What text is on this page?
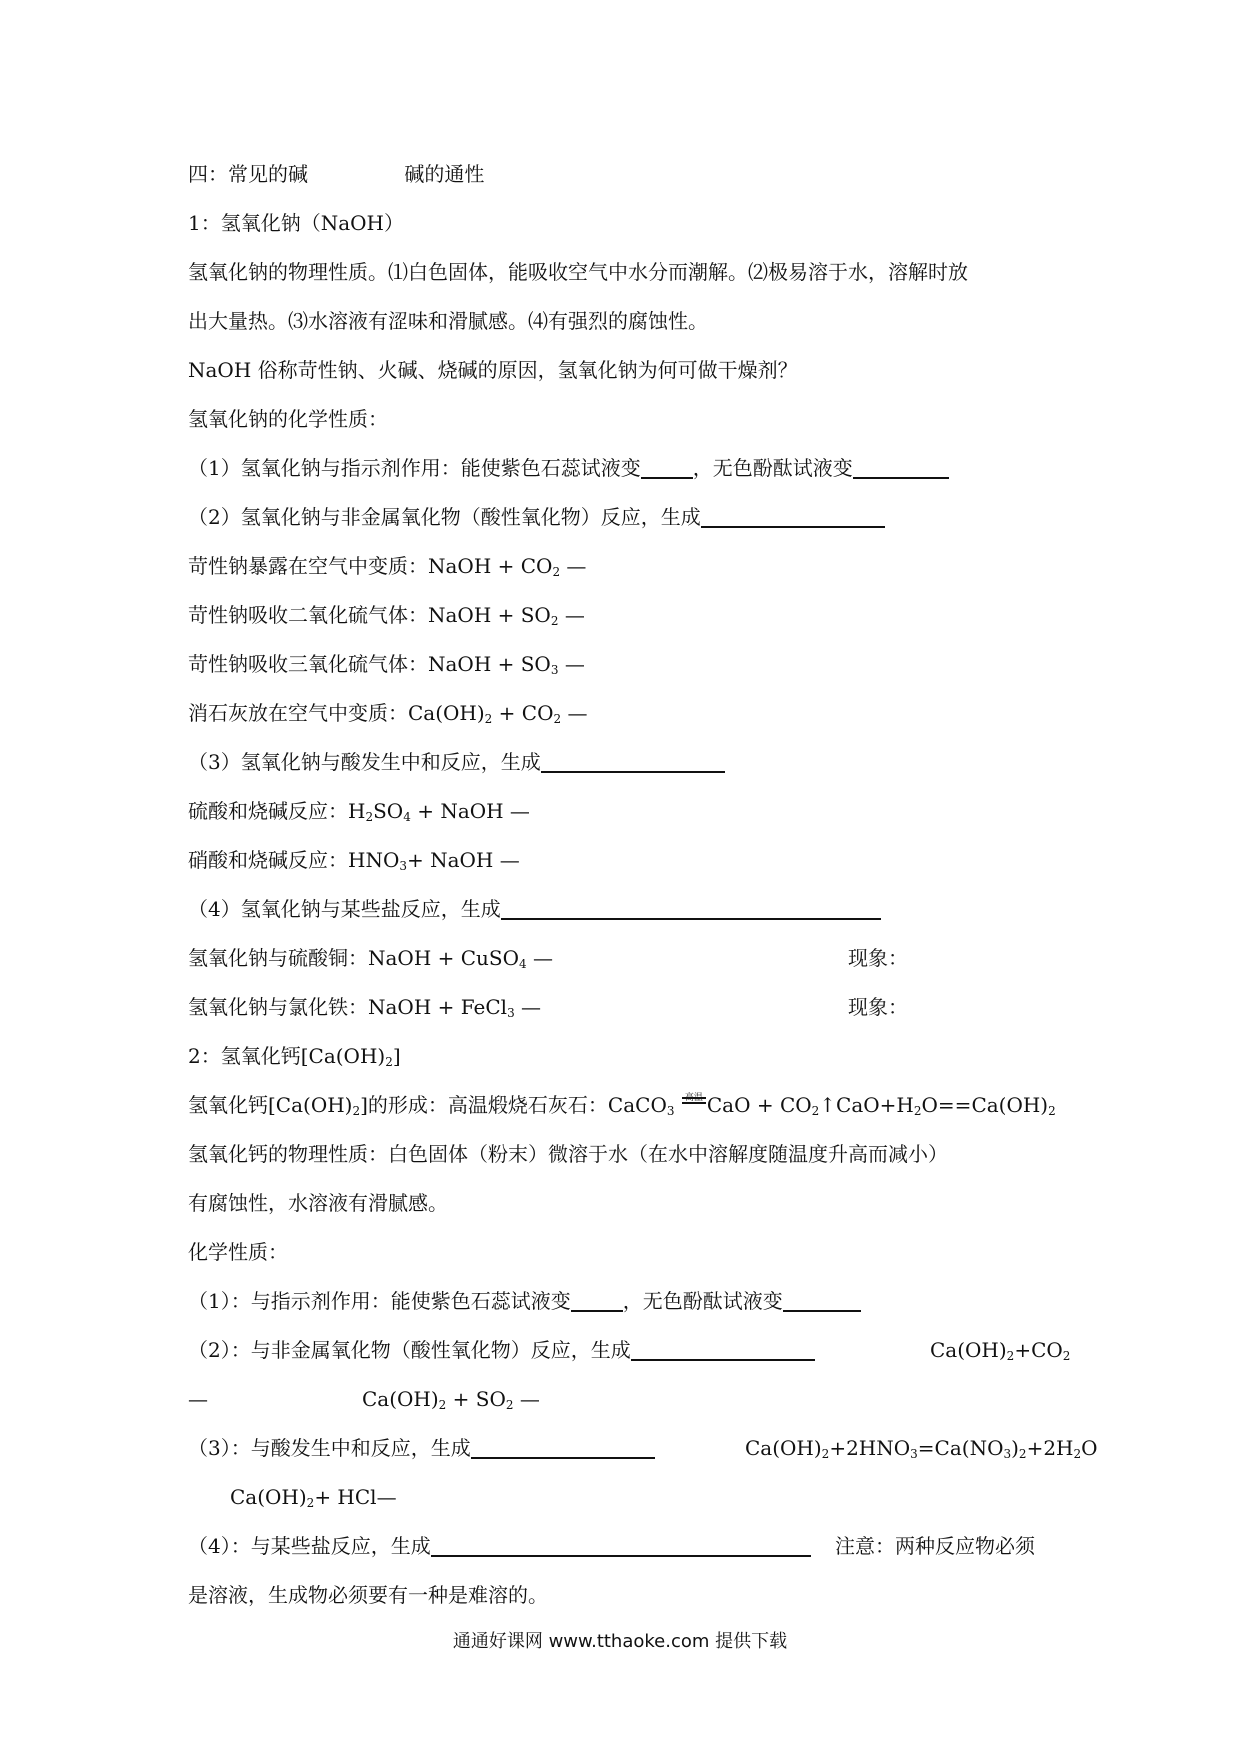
四：常见的碱	碱的通性
1：氢氧化钠（NaOH）
氢氧化钠的物理性质。⑴白色固体，能吸收空气中水分而潮解。⑵极易溶于水，溶解时放
出大量热。⑶水溶液有涩味和滑腻感。⑷有强烈的腐蚀性。
NaOH 俗称苛性钠、火碱、烧碱的原因，氢氧化钠为何可做干燥剂？
氢氧化钠的化学性质：
（1）氢氧化钠与指示剂作用：能使紫色石蕊试液变	，无色酚酞试液变
（2）氢氧化钠与非金属氧化物（酸性氧化物）反应，生成
苛性钠暴露在空气中变质：NaOH + $CO_2$ —
苛性钠吸收二氧化硫气体：NaOH + $SO_2$ —
苛性钠吸收三氧化硫气体：NaOH + $SO_3$ —
消石灰放在空气中变质：$Ca(OH)_2 + CO_2$ —
（3）氢氧化钠与酸发生中和反应，生成
硫酸和烧碱反应：$H_2SO_4$ + NaOH —
硝酸和烧碱反应：$HNO_3+$ NaOH —
（4）氢氧化钠与某些盐反应，生成
氢氧化钠与硫酸铜：NaOH + CuSO$_4$ —	现象：
氢氧化钠与氯化铁：NaOH + FeCl$_3$ —	现象：
2：氢氧化钙$[Ca(OH)_2]$
氢氧化钙$[Ca(OH)_2]$的形成：高温煅烧石灰石：CaCO$_3$
高温 CaO + $CO_2↑CaO+H_2O==Ca(OH)_2$
氢氧化钙的物理性质：白色固体（粉末）微溶于水（在水中溶解度随温度升高而减小）
有腐蚀性，水溶液有滑腻感。
化学性质：
（1）：与指示剂作用：能使紫色石蕊试液变	，无色酚酞试液变
（2）：与非金属氧化物（酸性氧化物）反应，生成	$Ca(OH)_2+CO_2$
—	$Ca(OH)_2 + SO_2$ —
（3）：与酸发生中和反应，生成	$Ca(OH)_2+2HNO_3=Ca(NO_3)_2+2H_2O$
$Ca(OH)_2+$ HCl—
（4）：与某些盐反应，生成	注意：两种反应物必须
是溶液，生成物必须要有一种是难溶的。
通通好课网 www.tthaoke.com 提供下载
